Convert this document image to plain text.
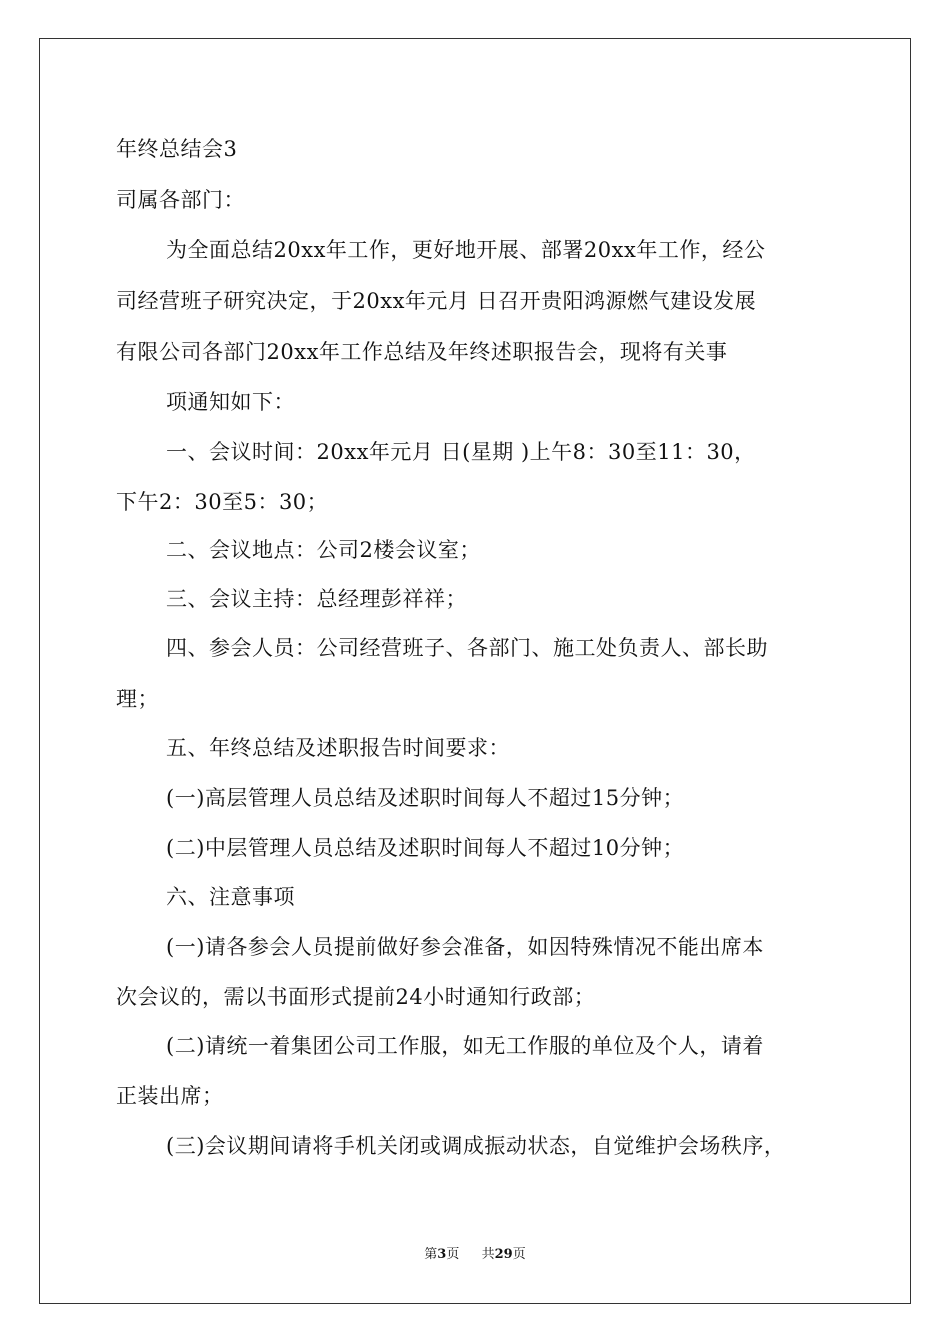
年终总结会3
司属各部门：
为全面总结20xx年工作，更好地开展、部署20xx年工作，经公
司经营班子研究决定，于20xx年元月 日召开贵阳鸿源燃气建设发展
有限公司各部门20xx年工作总结及年终述职报告会，现将有关事
项通知如下：
一、会议时间：20xx年元月 日(星期 )上午8：30至11：30，
下午2：30至5：30；
二、会议地点：公司2楼会议室；
三、会议主持：总经理彭祥祥；
四、参会人员：公司经营班子、各部门、施工处负责人、部长助
理；
五、年终总结及述职报告时间要求：
(一)高层管理人员总结及述职时间每人不超过15分钟；
(二)中层管理人员总结及述职时间每人不超过10分钟；
六、注意事项
(一)请各参会人员提前做好参会准备，如因特殊情况不能出席本
次会议的，需以书面形式提前24小时通知行政部；
(二)请统一着集团公司工作服，如无工作服的单位及个人，请着
正装出席；
(三)会议期间请将手机关闭或调成振动状态，自觉维护会场秩序，
第3页 共29页
